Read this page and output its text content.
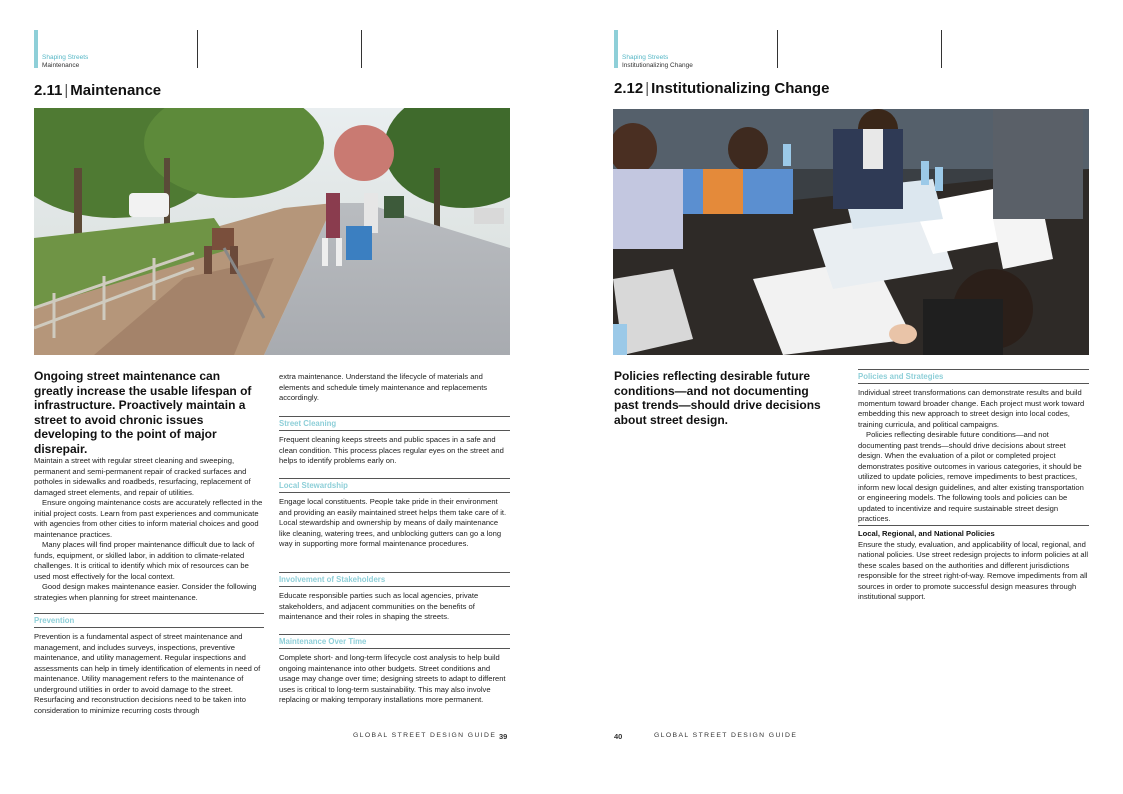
Shaping Streets
Maintenance
2.11 | Maintenance
Ongoing street maintenance can greatly increase the usable lifespan of infrastructure. Proactively maintain a street to avoid chronic issues developing to the point of major disrepair.

Maintain a street with regular street cleaning and sweeping, permanent and semi-permanent repair of cracked surfaces and potholes in sidewalks and roadbeds, resurfacing, replacement of damaged street elements, and repair of utilities.

Ensure ongoing maintenance costs are accurately reflected in the initial project costs. Learn from past experiences and communicate with agencies from other cities to inform material choices and good maintenance practices.

Many places will find proper maintenance difficult due to lack of funds, equipment, or skilled labor, in addition to climate-related challenges. It is critical to identify which mix of resources can be used most effectively for the local context.

Good design makes maintenance easier. Consider the following strategies when planning for street maintenance.

Prevention
Prevention is a fundamental aspect of street maintenance and management, and includes surveys, inspections, preventive maintenance, and utility management. Regular inspections and assessments can help in timely identification of elements in need of maintenance. Utility management refers to the maintenance of underground utilities in order to avoid damage to the street. Resurfacing and reconstruction decisions need to be taken into consideration to minimize recurring costs through
extra maintenance. Understand the lifecycle of materials and elements and schedule timely maintenance and replacements accordingly.
Street Cleaning
Frequent cleaning keeps streets and public spaces in a safe and clean condition. This process places regular eyes on the street and helps to identify problems early on.
Local Stewardship
Engage local constituents. People take pride in their environment and providing an easily maintained street helps them take care of it. Local stewardship and ownership by means of daily maintenance like cleaning, watering trees, and unblocking gutters can go a long way in supporting more formal maintenance procedures.
Involvement of Stakeholders
Educate responsible parties such as local agencies, private stakeholders, and adjacent communities on the benefits of maintenance and their roles in shaping the streets.
Maintenance Over Time
Complete short- and long-term lifecycle cost analysis to help build ongoing maintenance into other budgets. Street conditions and usage may change over time; designing streets to adapt to different uses is critical to long-term sustainability. This may also involve replacing or making temporary installations more permanent.
GLOBAL STREET DESIGN GUIDE 39
Shaping Streets
Institutionalizing Change
2.12 | Institutionalizing Change
Policies reflecting desirable future conditions—and not documenting past trends—should drive decisions about street design.
Policies and Strategies

Individual street transformations can demonstrate results and build momentum toward broader change. Each project must work toward embedding this new approach to street design into local codes, training curricula, and political campaigns.

Policies reflecting desirable future conditions—and not documenting past trends—should drive decisions about street design. When the evaluation of a pilot or completed project demonstrates positive outcomes in various categories, it should be utilized to update policies, remove impediments to best practices, inform new local design guidelines, and alter existing transportation or engineering models. The following tools and policies can be updated to incentivize and require sustainable street design practices.

Local, Regional, and National Policies

Ensure the study, evaluation, and applicability of local, regional, and national policies. Use street redesign projects to inform policies at all these scales based on the authorities and different jurisdictions responsible for the street right-of-way. Remove impediments from all sources in order to promote successful design measures through institutional support.

40	GLOBAL STREET DESIGN GUIDE
